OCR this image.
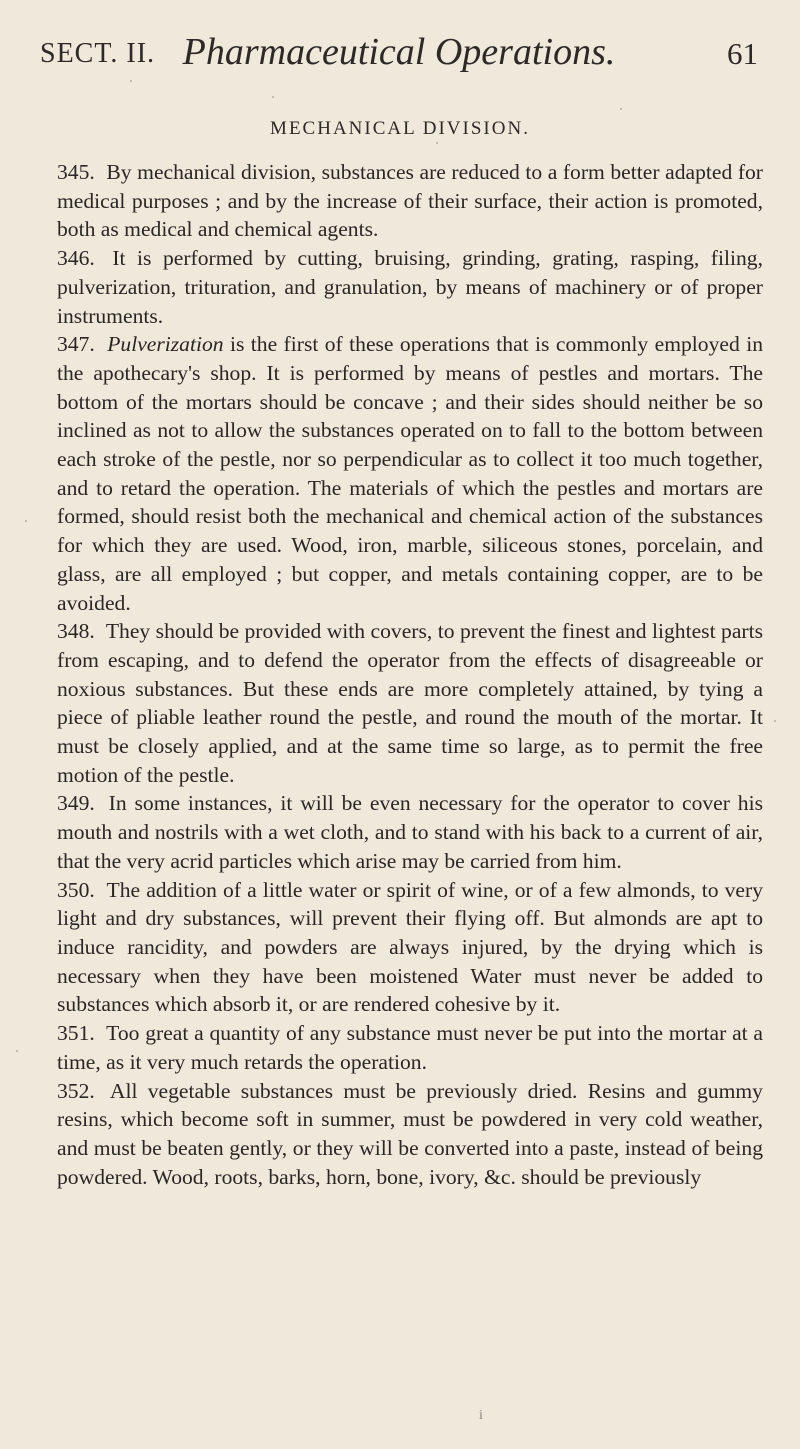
SECT. II. Pharmaceutical Operations.	61
MECHANICAL DIVISION.

345. By mechanical division, substances are reduced to a form better adapted for medical purposes ; and by the increase of their surface, their action is promoted, both as medical and chemical agents.

346. It is performed by cutting, bruising, grinding, grating, rasping, filing, pulverization, trituration, and granulation, by means of machinery or of proper instruments.

347. Pulverization is the first of these operations that is commonly employed in the apothecary's shop. It is performed by means of pestles and mortars. The bottom of the mortars should be concave ; and their sides should neither be so inclined as not to allow the substances operated on to fall to the bottom between each stroke of the pestle, nor so perpendicular as to collect it too much together, and to retard the operation. The materials of which the pestles and mortars are formed, should resist both the mechanical and chemical action of the substances for which they are used. Wood, iron, marble, siliceous stones, porcelain, and glass, are all employed ; but copper, and metals containing copper, are to be avoided.

348. They should be provided with covers, to prevent the finest and lightest parts from escaping, and to defend the operator from the effects of disagreeable or noxious substances. But these ends are more completely attained, by tying a piece of pliable leather round the pestle, and round the mouth of the mortar. It must be closely applied, and at the same time so large, as to permit the free motion of the pestle.

349. In some instances, it will be even necessary for the operator to cover his mouth and nostrils with a wet cloth, and to stand with his back to a current of air, that the very acrid particles which arise may be carried from him.

350. The addition of a little water or spirit of wine, or of a few almonds, to very light and dry substances, will prevent their flying off. But almonds are apt to induce rancidity, and powders are always injured, by the drying which is necessary when they have been moistened Water must never be added to substances which absorb it, or are rendered cohesive by it.

351. Too great a quantity of any substance must never be put into the mortar at a time, as it very much retards the operation.

352. All vegetable substances must be previously dried. Resins and gummy resins, which become soft in summer, must be powdered in very cold weather, and must be beaten gently, or they will be converted into a paste, instead of being powdered. Wood, roots, barks, horn, bone, ivory, &c. should be previously

i
